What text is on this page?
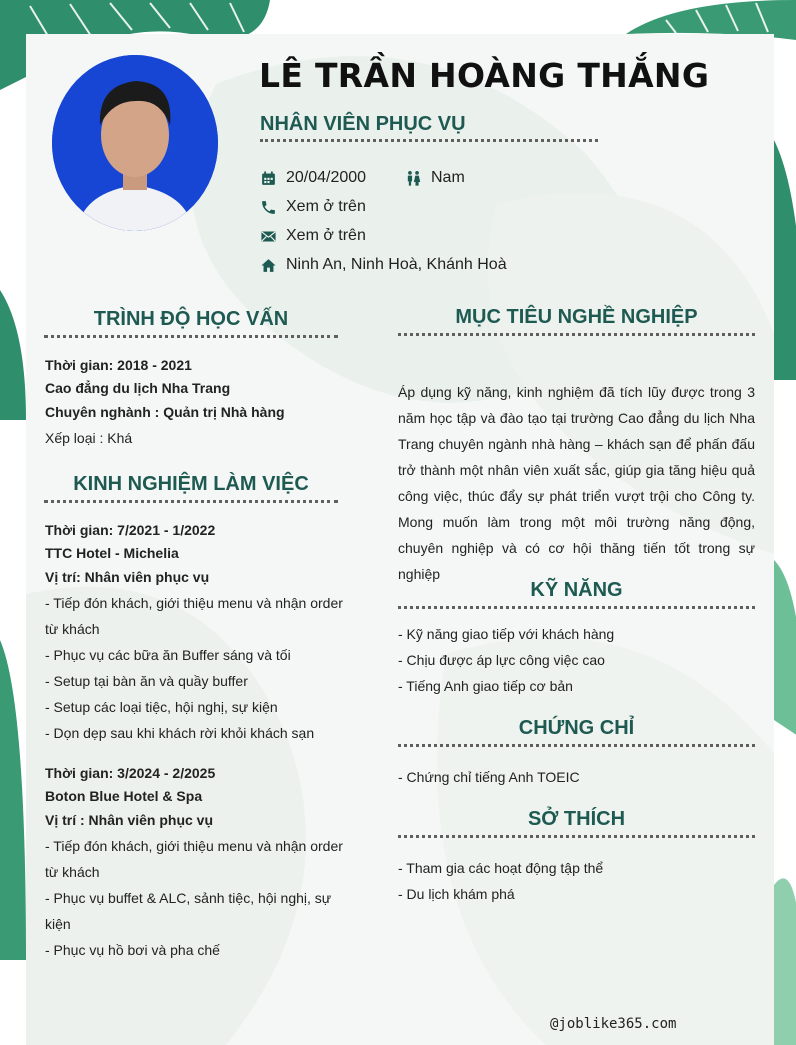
LÊ TRẦN HOÀNG THẮNG
NHÂN VIÊN PHỤC VỤ
20/04/2000	Nam
Xem ở trên
Xem ở trên
Ninh An, Ninh Hoà, Khánh Hoà
TRÌNH ĐỘ HỌC VẤN
Thời gian: 2018 - 2021
Cao đẳng du lịch Nha Trang
Chuyên nghành : Quản trị Nhà hàng
Xếp loại : Khá
KINH NGHIỆM LÀM VIỆC
Thời gian: 7/2021 - 1/2022
TTC Hotel - Michelia
Vị trí: Nhân viên phục vụ
- Tiếp đón khách, giới thiệu menu và nhận order
từ khách
- Phục vụ các bữa ăn Buffer sáng và tối
- Setup tại bàn ăn và quầy buffer
- Setup các loại tiệc, hội nghị, sự kiện
- Dọn dẹp sau khi khách rời khỏi khách sạn
Thời gian: 3/2024 - 2/2025
Boton Blue Hotel & Spa
Vị trí : Nhân viên phục vụ
- Tiếp đón khách, giới thiệu menu và nhận order
từ khách
- Phục vụ buffet & ALC, sảnh tiệc, hội nghị, sự
kiện
- Phục vụ hồ bơi và pha chế
MỤC TIÊU NGHỀ NGHIỆP
Áp dụng kỹ năng, kinh nghiệm đã tích lũy được trong 3 năm học tập và đào tạo tại trường Cao đẳng du lịch Nha Trang chuyên ngành nhà hàng – khách sạn để phấn đấu trở thành một nhân viên xuất sắc, giúp gia tăng hiệu quả công việc, thúc đẩy sự phát triển vượt trội cho Công ty. Mong muốn làm trong một môi trường năng động, chuyên nghiệp và có cơ hội thăng tiến tốt trong sự nghiệp
KỸ NĂNG
- Kỹ năng giao tiếp với khách hàng
- Chịu được áp lực công việc cao
- Tiếng Anh giao tiếp cơ bản
CHỨNG CHỈ
- Chứng chỉ tiếng Anh TOEIC
SỞ THÍCH
- Tham gia các hoạt động tập thể
- Du lịch khám phá
@joblike365.com
